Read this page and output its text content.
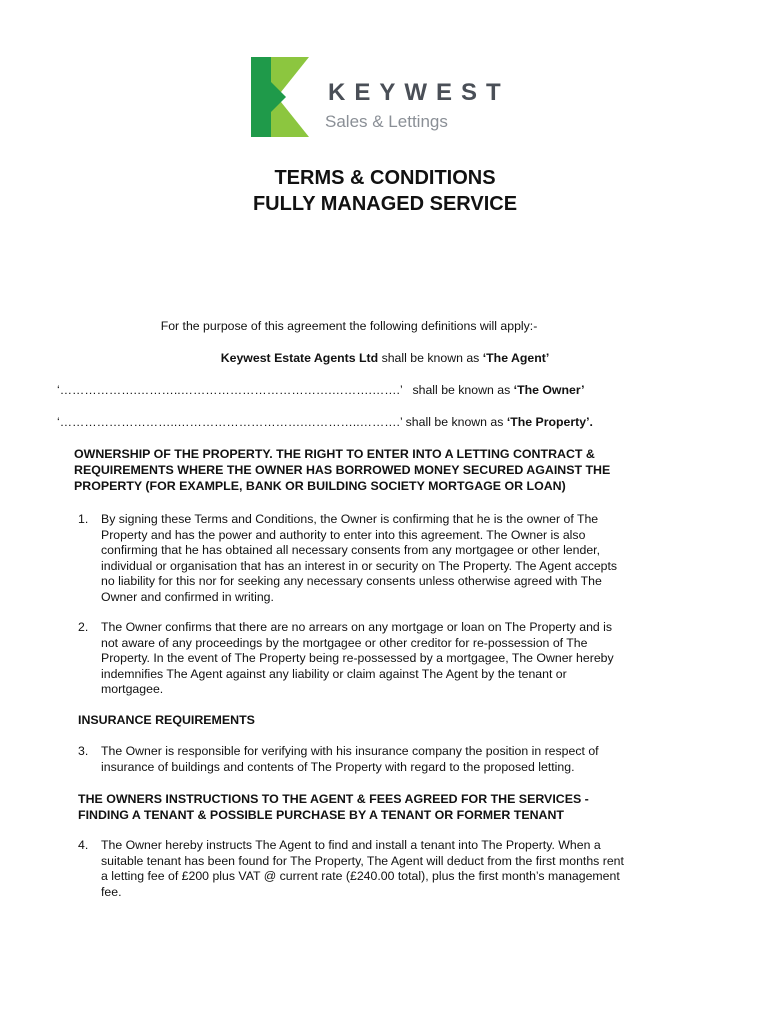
KEYWEST
Sales & Lettings
TERMS & CONDITIONS
FULLY MANAGED SERVICE
For the purpose of this agreement the following definitions will apply:-
Keywest Estate Agents Ltd shall be known as ‘The Agent’
‘……………….………..……………………………….……….…….’   shall be known as ‘The Owner’
‘………………………..………………………….…………..……….’ shall be known as ‘The Property’.
OWNERSHIP OF THE PROPERTY. THE RIGHT TO ENTER INTO A LETTING CONTRACT &
REQUIREMENTS WHERE THE OWNER HAS BORROWED MONEY SECURED AGAINST THE
PROPERTY (FOR EXAMPLE, BANK OR BUILDING SOCIETY MORTGAGE OR LOAN)
1. By signing these Terms and Conditions, the Owner is confirming that he is the owner of The
Property and has the power and authority to enter into this agreement. The Owner is also
confirming that he has obtained all necessary consents from any mortgagee or other lender,
individual or organisation that has an interest in or security on The Property. The Agent accepts
no liability for this nor for seeking any necessary consents unless otherwise agreed with The
Owner and confirmed in writing.
2. The Owner confirms that there are no arrears on any mortgage or loan on The Property and is
not aware of any proceedings by the mortgagee or other creditor for re-possession of The
Property. In the event of The Property being re-possessed by a mortgagee, The Owner hereby
indemnifies The Agent against any liability or claim against The Agent by the tenant or
mortgagee.
INSURANCE REQUIREMENTS
3. The Owner is responsible for verifying with his insurance company the position in respect of
insurance of buildings and contents of The Property with regard to the proposed letting.
THE OWNERS INSTRUCTIONS TO THE AGENT & FEES AGREED FOR THE SERVICES -
FINDING A TENANT & POSSIBLE PURCHASE BY A TENANT OR FORMER TENANT
4. The Owner hereby instructs The Agent to find and install a tenant into The Property. When a
suitable tenant has been found for The Property, The Agent will deduct from the first months rent
a letting fee of £200 plus VAT @ current rate (£240.00 total), plus the first month’s management
fee.
